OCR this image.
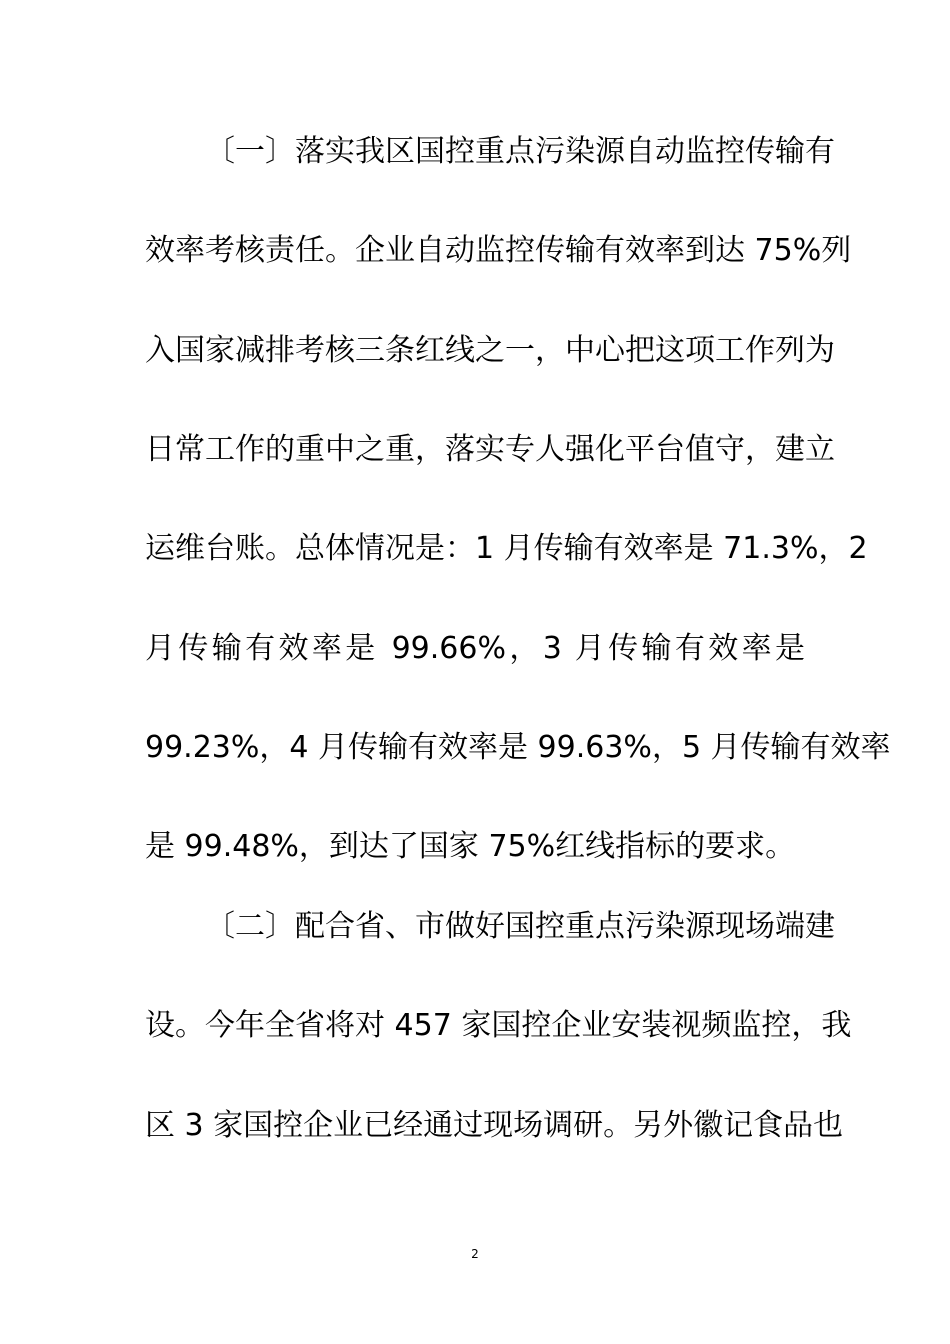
〔一〕落实我区国控重点污染源自动监控传输有
效率考核责任。企业自动监控传输有效率到达 75%列
入国家减排考核三条红线之一，中心把这项工作列为
日常工作的重中之重，落实专人强化平台值守，建立
运维台账。总体情况是：1 月传输有效率是 71.3%，2
月传输有效率是 99.66%，3 月传输有效率是
99.23%，4 月传输有效率是 99.63%，5 月传输有效率
是 99.48%，到达了国家 75%红线指标的要求。
〔二〕配合省、市做好国控重点污染源现场端建
设。今年全省将对 457 家国控企业安装视频监控，我
区 3 家国控企业已经通过现场调研。另外徽记食品也
2
